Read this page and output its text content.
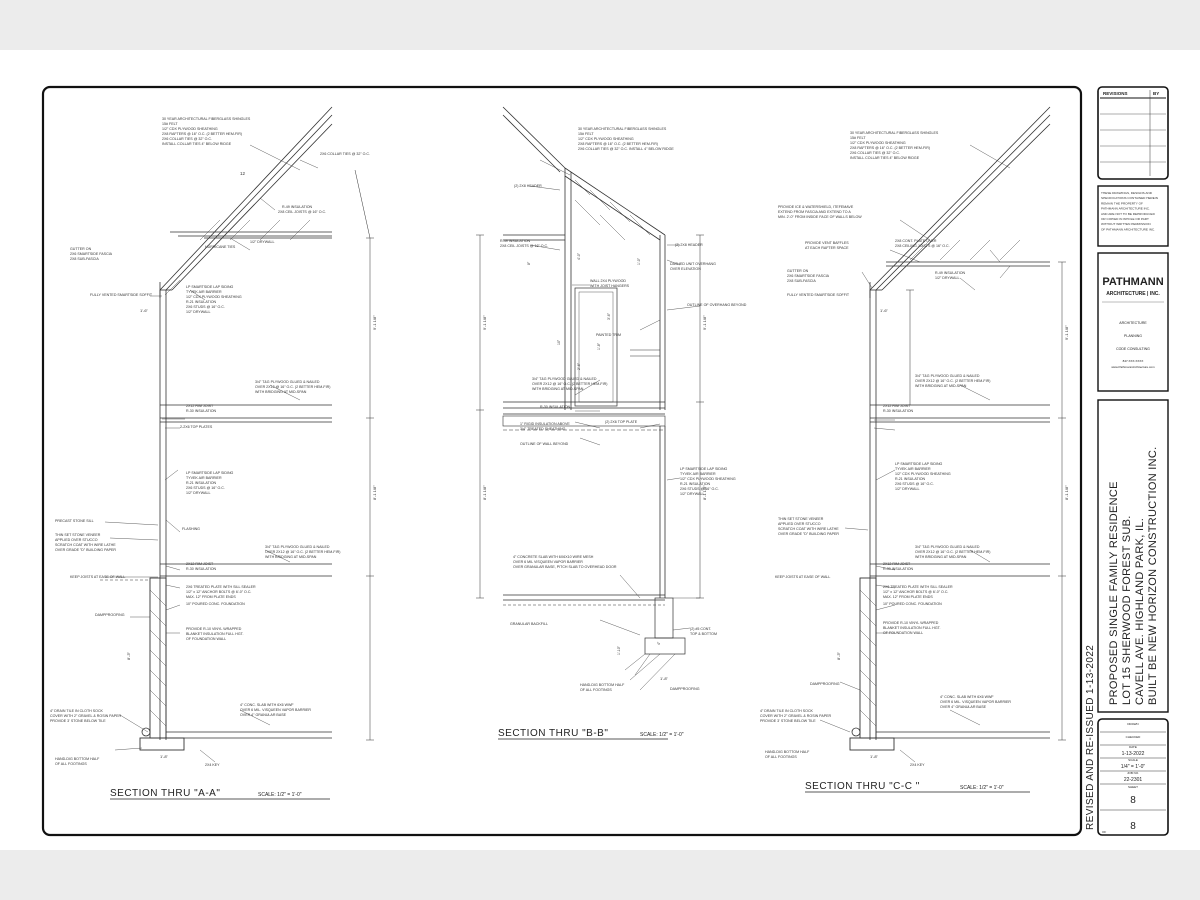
30 YEAR ARCHITECTURAL FIBERGLASS SHINGLES
15# FELT
1/2" CDX PLYWOOD SHEATHING
2X8 RAFTERS @ 16" O.C. (2 BETTER HEM-FIR)
2X6 COLLAR TIES @ 32" O.C.
INSTALL COLLAR TIES 4" BELOW RIDGE
2X6 COLLAR TIES @ 32" O.C.
R-49 INSULATION
2X8 CEIL JOISTS @ 16" O.C.
1/2" DRYWALL
GUTTER ON
2X6 SMARTSIDE FASCIA
2X8 SUB-FASCIA
HURRICANE TIES
FULLY VENTED SMARTSIDE SOFFIT
LP SMARTSIDE LAP SIDING
TYVEK AIR BARRIER
1/2" CDX PLYWOOD SHEATHING
R-21 INSULATION
2X6 STUDS @ 16" O.C.
1/2" DRYWALL
3/4" T&G PLYWOOD GLUED & NAILED
OVER 2X12 @ 16" O.C. (2 BETTER HEM-FIR)
WITH BRIDGING AT MID-SPAN
2X12 RIM JOIST
R-30 INSULATION
2-2X6 TOP PLATES
LP SMARTSIDE LAP SIDING
TYVEK AIR BARRIER
R-21 INSULATION
2X6 STUDS @ 16" O.C.
1/2" DRYWALL
PRECAST STONE SILL
FLASHING
THIN SET STONE VENEER
APPLIED OVER STUCCO
SCRATCH COAT WITH WIRE LATHE
OVER GRADE "D" BUILDING PAPER
3/4" T&G PLYWOOD GLUED & NAILED
OVER 2X12 @ 16" O.C. (2 BETTER HEM-FIR)
WITH BRIDGING AT MID-SPAN
2X12 RIM JOIST
R-30 INSULATION
KEEP JOISTS AT EASE OF WALL
2X6 TREATED PLATE WITH SILL SEALER
1/2" x 12" ANCHOR BOLTS @ 6'-0" O.C.
MAX. 12" FROM PLATE ENDS
10" POURED CONC. FOUNDATION
DAMPPROOFING
PROVIDE R-10 VINYL WRAPPED
BLANKET INSULATION FULL HGT.
OF FOUNDATION WALL
4" CONC. SLAB WITH 6X6 WWF
OVER 6 MIL. VISQUEEN VAPOR BARRIER
OVER 4" GRANULAR BASE
4" DRAIN TILE IN CLOTH SOCK
COVER WITH 2" GRAVEL & ROSIN PAPER
PROVIDE 3' STONE BELOW TILE
HAND-DIG BOTTOM HALF
OF ALL FOOTINGS	2X4 KEY
30 YEAR ARCHITECTURAL FIBERGLASS SHINGLES
15# FELT
1/2" CDX PLYWOOD SHEATHING
2X8 RAFTERS @ 16" O.C. (2 BETTER HEM-FIR)
2X6 COLLAR TIES @ 32" O.C. INSTALL 4" BELOW RIDGE
(2) 2X8 HEADER
R-49 INSULATION
2X8 CEIL JOISTS @ 16" O.C.	(2) 2X8 HEADER
DASHED UNIT OVERHANG
OVER ELEVATION
WALL 2X4 PLYWOOD
WITH JOIST HANGERS
PAINTED TRIM
OUTLINE OF OVERHANG BEYOND
3/4" T&G PLYWOOD GLUED & NAILED
OVER 2X12 @ 16" O.C. (2 BETTER HEM-FIR)
WITH BRIDGING AT MID-SPAN
R-30 INSULATION
1" RIGID INSULATION ABOVE
3/4" TREATED SHEATHING
(2) 2X6 TOP PLATE
OUTLINE OF WALL BEYOND
LP SMARTSIDE LAP SIDING
TYVEK AIR BARRIER
1/2" CDX PLYWOOD SHEATHING
R-21 INSULATION
2X6 STUDS @ 16" O.C.
1/2" DRYWALL
4" CONCRETE SLAB WITH 6X6X10 WIRE MESH
OVER 6 MIL VISQUEEN VAPOR BARRIER
OVER GRANULAR BASE, PITCH SLAB TO OVERHEAD DOOR
GRANULAR BACKFILL
(2) #5 CONT.
TOP & BOTTOM
HAND-DIG BOTTOM HALF
OF ALL FOOTINGS	DAMPPROOFING
30 YEAR ARCHITECTURAL FIBERGLASS SHINGLES
15# FELT
1/2" CDX PLYWOOD SHEATHING
2X8 RAFTERS @ 16" O.C. (2 BETTER HEM-FIR)
2X6 COLLAR TIES @ 32" O.C.
INSTALL COLLAR TIES 4" BELOW RIDGE
PROVIDE ICE & WATERSHIELD, ITEFEMAVE
EXTEND FROM FASCIA AND EXTEND TO A
MIN. 2'-0" FROM INSIDE FACE OF WALLS BELOW
PROVIDE VENT BAFFLES
AT EACH RAFTER SPACE
2X8 CONT. PLATE OVER
2X8 CEILING JOISTS @ 16" O.C.
GUTTER ON
2X6 SMARTSIDE FASCIA
2X8 SUB-FASCIA
R-49 INSULATION
1/2" DRYWALL
FULLY VENTED SMARTSIDE SOFFIT
3/4" T&G PLYWOOD GLUED & NAILED
OVER 2X12 @ 16" O.C. (2 BETTER HEM-FIR)
WITH BRIDGING AT MID-SPAN
2X12 RIM JOIST
R-30 INSULATION
LP SMARTSIDE LAP SIDING
TYVEK AIR BARRIER
1/2" CDX PLYWOOD SHEATHING
R-21 INSULATION
2X6 STUDS @ 16" O.C.
1/2" DRYWALL
THIN SET STONE VENEER
APPLIED OVER STUCCO
SCRATCH COAT WITH WIRE LATHE
OVER GRADE "D" BUILDING PAPER
3/4" T&G PLYWOOD GLUED & NAILED
OVER 2X12 @ 16" O.C. (2 BETTER HEM-FIR)
WITH BRIDGING AT MID-SPAN
2X12 RIM JOIST
R-30 INSULATION
KEEP JOISTS AT EASE OF WALL
2X6 TREATED PLATE WITH SILL SEALER
1/2" x 12" ANCHOR BOLTS @ 6'-0" O.C.
MAX. 12" FROM PLATE ENDS
10" POURED CONC. FOUNDATION
PROVIDE R-10 VINYL WRAPPED
BLANKET INSULATION FULL HGT.
OF FOUNDATION WALL
DAMPPROOFING
4" CONC. SLAB WITH 6X6 WWF
OVER 6 MIL. VISQUEEN VAPOR BARRIER
OVER 4" GRANULAR BASE
4" DRAIN TILE IN CLOTH SOCK
COVER WITH 2" GRAVEL & ROSIN PAPER
PROVIDE 3' STONE BELOW TILE
HAND-DIG BOTTOM HALF
OF ALL FOOTINGS
2X4 KEY
12
1'-6"
9'-1 1/8"
8'-1 1/8"
8'-3"
1'-8"
9'-1 1/8"
8'-1 1/8"
9'-1 1/8"
8'-1 1/8"
1'-8"
9'-1 1/8"
8'-1 1/8"
8'-3"
1'-8"
1'-6"
4'-0"
3'-6"
2'-6"
1'-0"
8"
4"
10"
1'-10"
1'-8"
SECTION THRU "A-A"	SCALE: 1/2" = 1'-0"
SECTION THRU "B-B"	SCALE: 1/2" = 1'-0"
SECTION THRU "C-C "	SCALE: 1/2" = 1'-0"
REVISIONS	BY
THESE DRAWINGS, DESIGNS AND
SPECIFICATIONS CONTAINED HEREIN
REMAIN THE PROPERTY OF
PATHMANN ARCHITECTURE INC.
AND ARE NOT TO BE REPRODUCED
OR COPIED IN WHOLE OR PART
WITHOUT WRITTEN PERMISSION
OF PATHMANN ARCHITECTURE INC.
PATHMANN
ARCHITECTURE | INC.
ARCHITECTURE
PLANNING
CODE CONSULTING
847.XXX.XXXX
www.PathmannArchitecture.com
PROPOSED SINGLE FAMILY RESIDENCE LOT 15 SHERWOOD FOREST SUB. CAVELL AVE. HIGHLAND PARK, IL. BUILT BE NEW HORIZON CONSTRUCTION INC.
REVISED AND RE-ISSUED 1-13-2022	DRAWN
CHECKED
DATE
1-13-2022
SCALE
1/4" = 1'-0"
JOB NO.
22-2301
SHEET
8
8
OF
